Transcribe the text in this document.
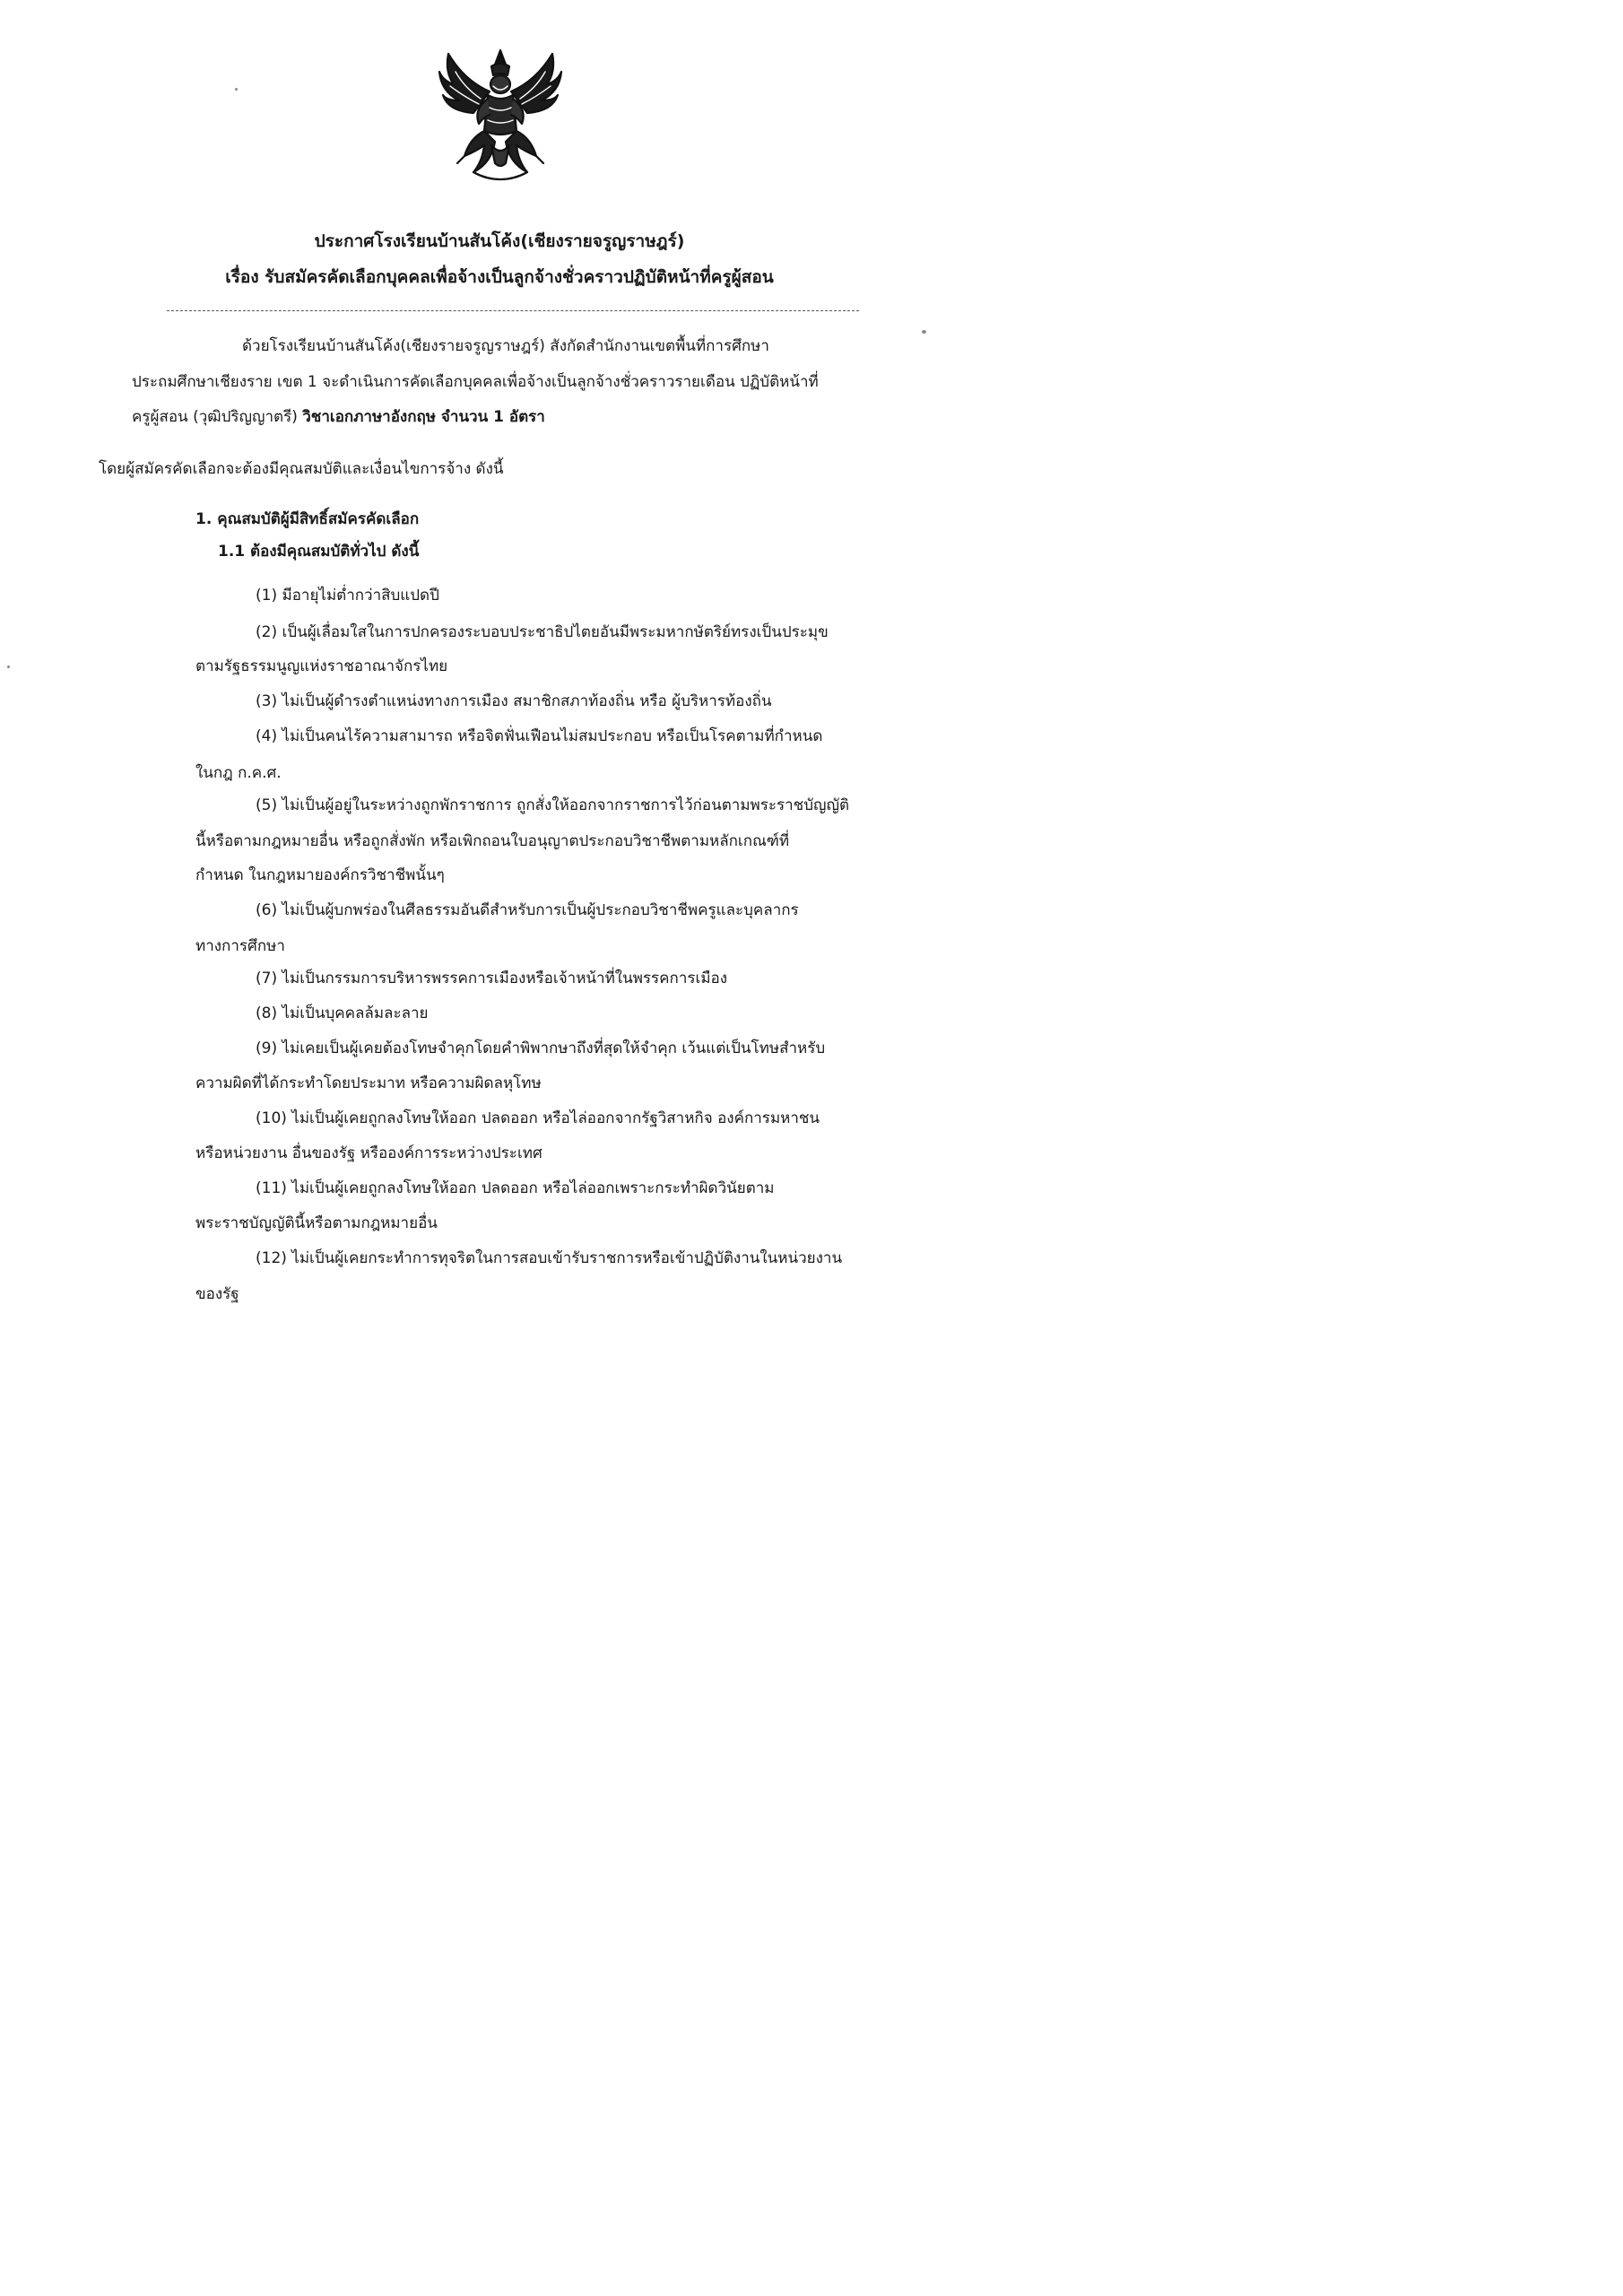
ประกาศโรงเรียนบ้านสันโค้ง(เชียงรายจรูญราษฎร์)
เรื่อง รับสมัครคัดเลือกบุคคลเพื่อจ้างเป็นลูกจ้างชั่วคราวปฏิบัติหน้าที่ครูผู้สอน
ด้วยโรงเรียนบ้านสันโค้ง(เชียงรายจรูญราษฎร์) สังกัดสำนักงานเขตพื้นที่การศึกษา
ประถมศึกษาเชียงราย เขต 1 จะดำเนินการคัดเลือกบุคคลเพื่อจ้างเป็นลูกจ้างชั่วคราวรายเดือน ปฏิบัติหน้าที่
ครูผู้สอน (วุฒิปริญญาตรี) วิชาเอกภาษาอังกฤษ จำนวน 1 อัตรา
โดยผู้สมัครคัดเลือกจะต้องมีคุณสมบัติและเงื่อนไขการจ้าง ดังนี้
1. คุณสมบัติผู้มีสิทธิ์สมัครคัดเลือก
1.1 ต้องมีคุณสมบัติทั่วไป ดังนี้
(1) มีอายุไม่ต่ำกว่าสิบแปดปี
(2) เป็นผู้เลื่อมใสในการปกครองระบอบประชาธิปไตยอันมีพระมหากษัตริย์ทรงเป็นประมุข
ตามรัฐธรรมนูญแห่งราชอาณาจักรไทย
(3) ไม่เป็นผู้ดำรงตำแหน่งทางการเมือง สมาชิกสภาท้องถิ่น หรือ ผู้บริหารท้องถิ่น
(4) ไม่เป็นคนไร้ความสามารถ หรือจิตฟั่นเฟือนไม่สมประกอบ หรือเป็นโรคตามที่กำหนด
ในกฎ ก.ค.ศ.
(5) ไม่เป็นผู้อยู่ในระหว่างถูกพักราชการ ถูกสั่งให้ออกจากราชการไว้ก่อนตามพระราชบัญญัติ
นี้หรือตามกฎหมายอื่น หรือถูกสั่งพัก หรือเพิกถอนใบอนุญาตประกอบวิชาชีพตามหลักเกณฑ์ที่
กำหนด ในกฎหมายองค์กรวิชาชีพนั้นๆ
(6) ไม่เป็นผู้บกพร่องในศีลธรรมอันดีสำหรับการเป็นผู้ประกอบวิชาชีพครูและบุคลากร
ทางการศึกษา
(7) ไม่เป็นกรรมการบริหารพรรคการเมืองหรือเจ้าหน้าที่ในพรรคการเมือง
(8) ไม่เป็นบุคคลล้มละลาย
(9) ไม่เคยเป็นผู้เคยต้องโทษจำคุกโดยคำพิพากษาถึงที่สุดให้จำคุก เว้นแต่เป็นโทษสำหรับ
ความผิดที่ได้กระทำโดยประมาท หรือความผิดลหุโทษ
(10) ไม่เป็นผู้เคยถูกลงโทษให้ออก ปลดออก หรือไล่ออกจากรัฐวิสาหกิจ องค์การมหาชน
หรือหน่วยงาน อื่นของรัฐ หรือองค์การระหว่างประเทศ
(11) ไม่เป็นผู้เคยถูกลงโทษให้ออก ปลดออก หรือไล่ออกเพราะกระทำผิดวินัยตาม
พระราชบัญญัตินี้หรือตามกฎหมายอื่น
(12) ไม่เป็นผู้เคยกระทำการทุจริตในการสอบเข้ารับราชการหรือเข้าปฏิบัติงานในหน่วยงาน
ของรัฐ
